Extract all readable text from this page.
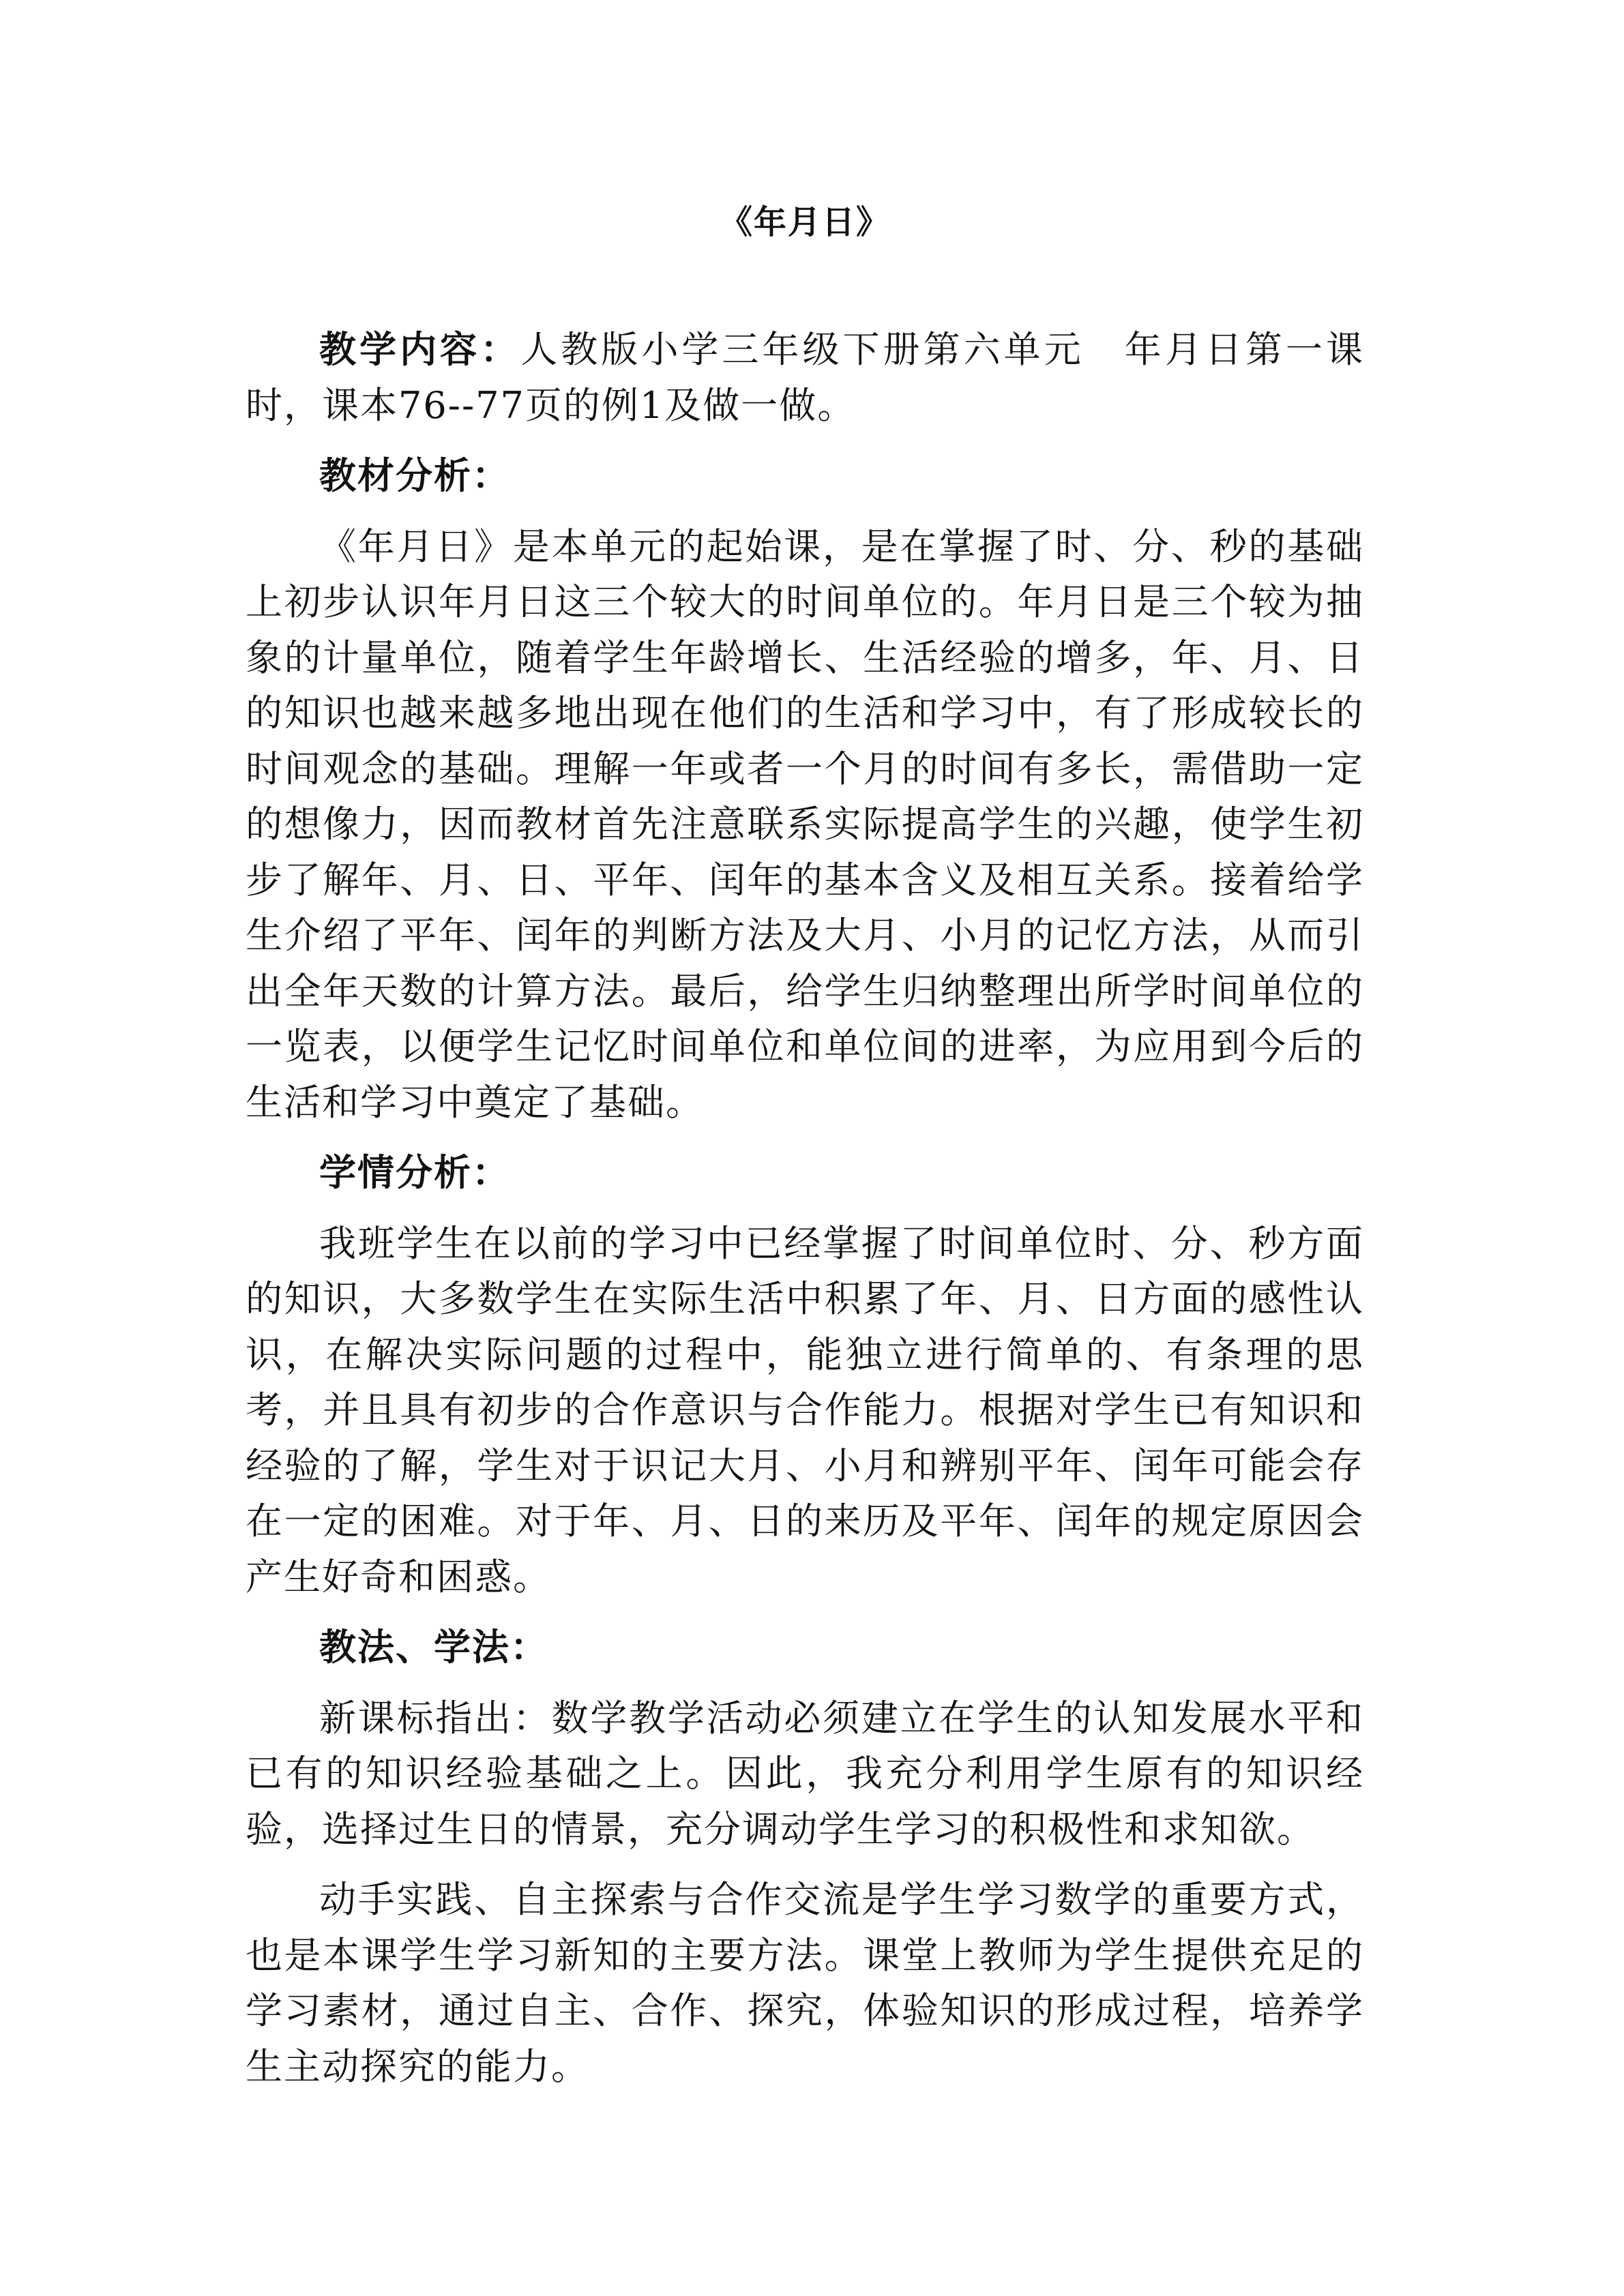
《年月日》

教学内容：人教版小学三年级下册第六单元　年月日第一课时，课本76--77页的例1及做一做。

教材分析：

《年月日》是本单元的起始课，是在掌握了时、分、秒的基础上初步认识年月日这三个较大的时间单位的。年月日是三个较为抽象的计量单位，随着学生年龄增长、生活经验的增多，年、月、日的知识也越来越多地出现在他们的生活和学习中，有了形成较长的时间观念的基础。理解一年或者一个月的时间有多长，需借助一定的想像力，因而教材首先注意联系实际提高学生的兴趣，使学生初步了解年、月、日、平年、闰年的基本含义及相互关系。接着给学生介绍了平年、闰年的判断方法及大月、小月的记忆方法，从而引出全年天数的计算方法。最后，给学生归纳整理出所学时间单位的一览表，以便学生记忆时间单位和单位间的进率，为应用到今后的生活和学习中奠定了基础。

学情分析：

我班学生在以前的学习中已经掌握了时间单位时、分、秒方面的知识，大多数学生在实际生活中积累了年、月、日方面的感性认识，在解决实际问题的过程中，能独立进行简单的、有条理的思考，并且具有初步的合作意识与合作能力。根据对学生已有知识和经验的了解，学生对于识记大月、小月和辨别平年、闰年可能会存在一定的困难。对于年、月、日的来历及平年、闰年的规定原因会产生好奇和困惑。

教法、学法：

新课标指出：数学教学活动必须建立在学生的认知发展水平和已有的知识经验基础之上。因此，我充分利用学生原有的知识经验，选择过生日的情景，充分调动学生学习的积极性和求知欲。

动手实践、自主探索与合作交流是学生学习数学的重要方式，也是本课学生学习新知的主要方法。课堂上教师为学生提供充足的学习素材，通过自主、合作、探究，体验知识的形成过程，培养学生主动探究的能力。
